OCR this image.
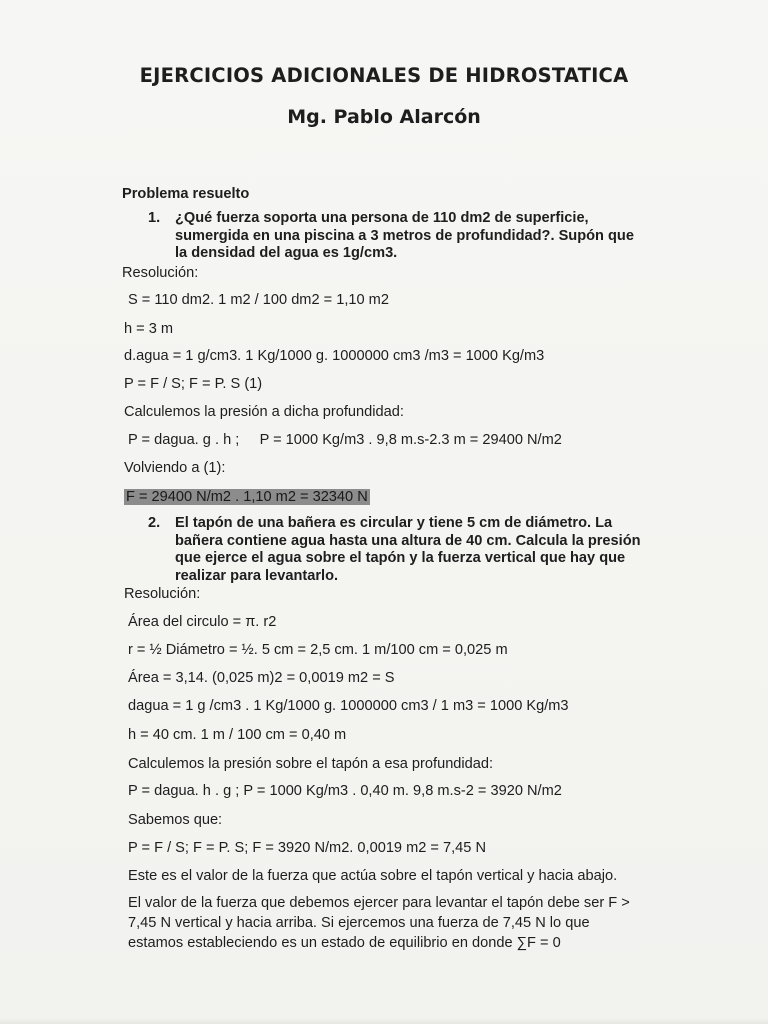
EJERCICIOS ADICIONALES DE HIDROSTATICA
Mg. Pablo Alarcón
Problema resuelto
1. ¿Qué fuerza soporta una persona de 110 dm2 de superficie,
sumergida en una piscina a 3 metros de profundidad?. Supón que
la densidad del agua es 1g/cm3.
Resolución:
S = 110 dm2. 1 m2 / 100 dm2 = 1,10 m2
h = 3 m
d.agua = 1 g/cm3. 1 Kg/1000 g. 1000000 cm3 /m3 = 1000 Kg/m3
P = F / S; F = P. S (1)
Calculemos la presión a dicha profundidad:
P = dagua. g . h ;     P = 1000 Kg/m3 . 9,8 m.s-2.3 m = 29400 N/m2
Volviendo a (1):
F = 29400 N/m2 . 1,10 m2 = 32340 N
2. El tapón de una bañera es circular y tiene 5 cm de diámetro. La
bañera contiene agua hasta una altura de 40 cm. Calcula la presión
que ejerce el agua sobre el tapón y la fuerza vertical que hay que
realizar para levantarlo.
Resolución:
Área del circulo = π. r2
r = ½ Diámetro = ½. 5 cm = 2,5 cm. 1 m/100 cm = 0,025 m
Área = 3,14. (0,025 m)2 = 0,0019 m2 = S
dagua = 1 g /cm3 . 1 Kg/1000 g. 1000000 cm3 / 1 m3 = 1000 Kg/m3
h = 40 cm. 1 m / 100 cm = 0,40 m
Calculemos la presión sobre el tapón a esa profundidad:
P = dagua. h . g ; P = 1000 Kg/m3 . 0,40 m. 9,8 m.s-2 = 3920 N/m2
Sabemos que:
P = F / S; F = P. S; F = 3920 N/m2. 0,0019 m2 = 7,45 N
Este es el valor de la fuerza que actúa sobre el tapón vertical y hacia abajo.
El valor de la fuerza que debemos ejercer para levantar el tapón debe ser F >
7,45 N vertical y hacia arriba. Si ejercemos una fuerza de 7,45 N lo que
estamos estableciendo es un estado de equilibrio en donde ∑F = 0
